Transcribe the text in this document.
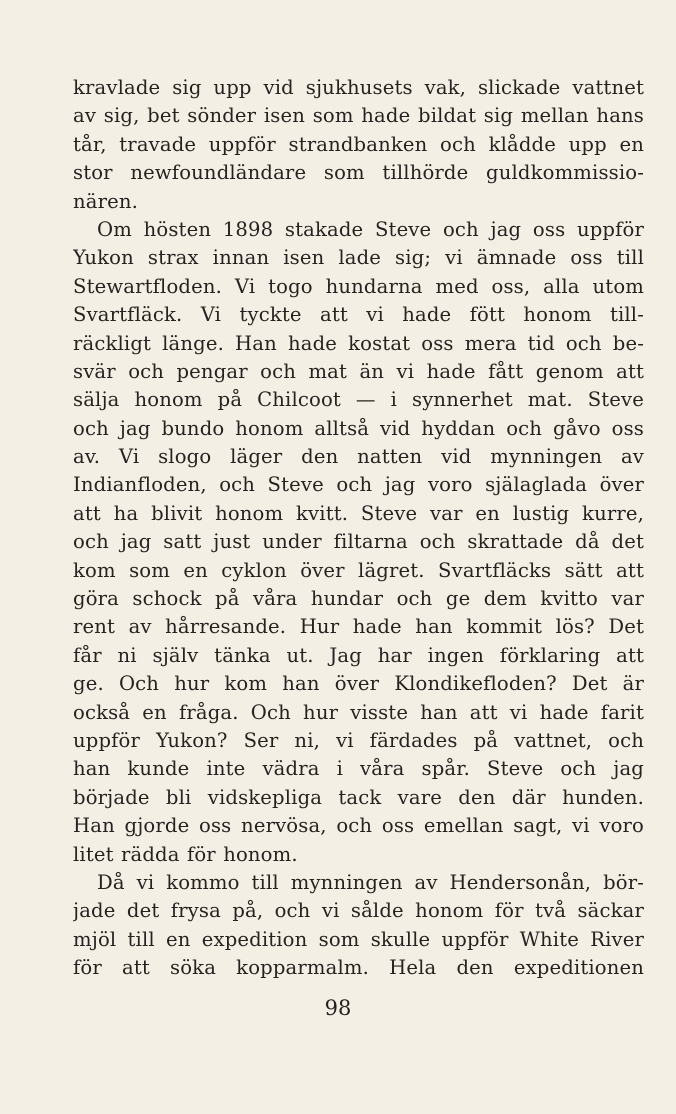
kravlade sig upp vid sjukhusets vak, slickade vattnet
av sig, bet sönder isen som hade bildat sig mellan hans
tår, travade uppför strandbanken och klådde upp en
stor newfoundländare som tillhörde guldkommissio-
nären.
Om hösten 1898 stakade Steve och jag oss uppför
Yukon strax innan isen lade sig; vi ämnade oss till
Stewartfloden. Vi togo hundarna med oss, alla utom
Svartfläck. Vi tyckte att vi hade fött honom till-
räckligt länge. Han hade kostat oss mera tid och be-
svär och pengar och mat än vi hade fått genom att
sälja honom på Chilcoot — i synnerhet mat. Steve
och jag bundo honom alltså vid hyddan och gåvo oss
av. Vi slogo läger den natten vid mynningen av
Indianfloden, och Steve och jag voro själaglada över
att ha blivit honom kvitt. Steve var en lustig kurre,
och jag satt just under filtarna och skrattade då det
kom som en cyklon över lägret. Svartfläcks sätt att
göra schock på våra hundar och ge dem kvitto var
rent av hårresande. Hur hade han kommit lös? Det
får ni själv tänka ut. Jag har ingen förklaring att
ge. Och hur kom han över Klondikefloden? Det är
också en fråga. Och hur visste han att vi hade farit
uppför Yukon? Ser ni, vi färdades på vattnet, och
han kunde inte vädra i våra spår. Steve och jag
började bli vidskepliga tack vare den där hunden.
Han gjorde oss nervösa, och oss emellan sagt, vi voro
litet rädda för honom.
Då vi kommo till mynningen av Hendersonån, bör-
jade det frysa på, och vi sålde honom för två säckar
mjöl till en expedition som skulle uppför White River
för att söka kopparmalm. Hela den expeditionen
98
